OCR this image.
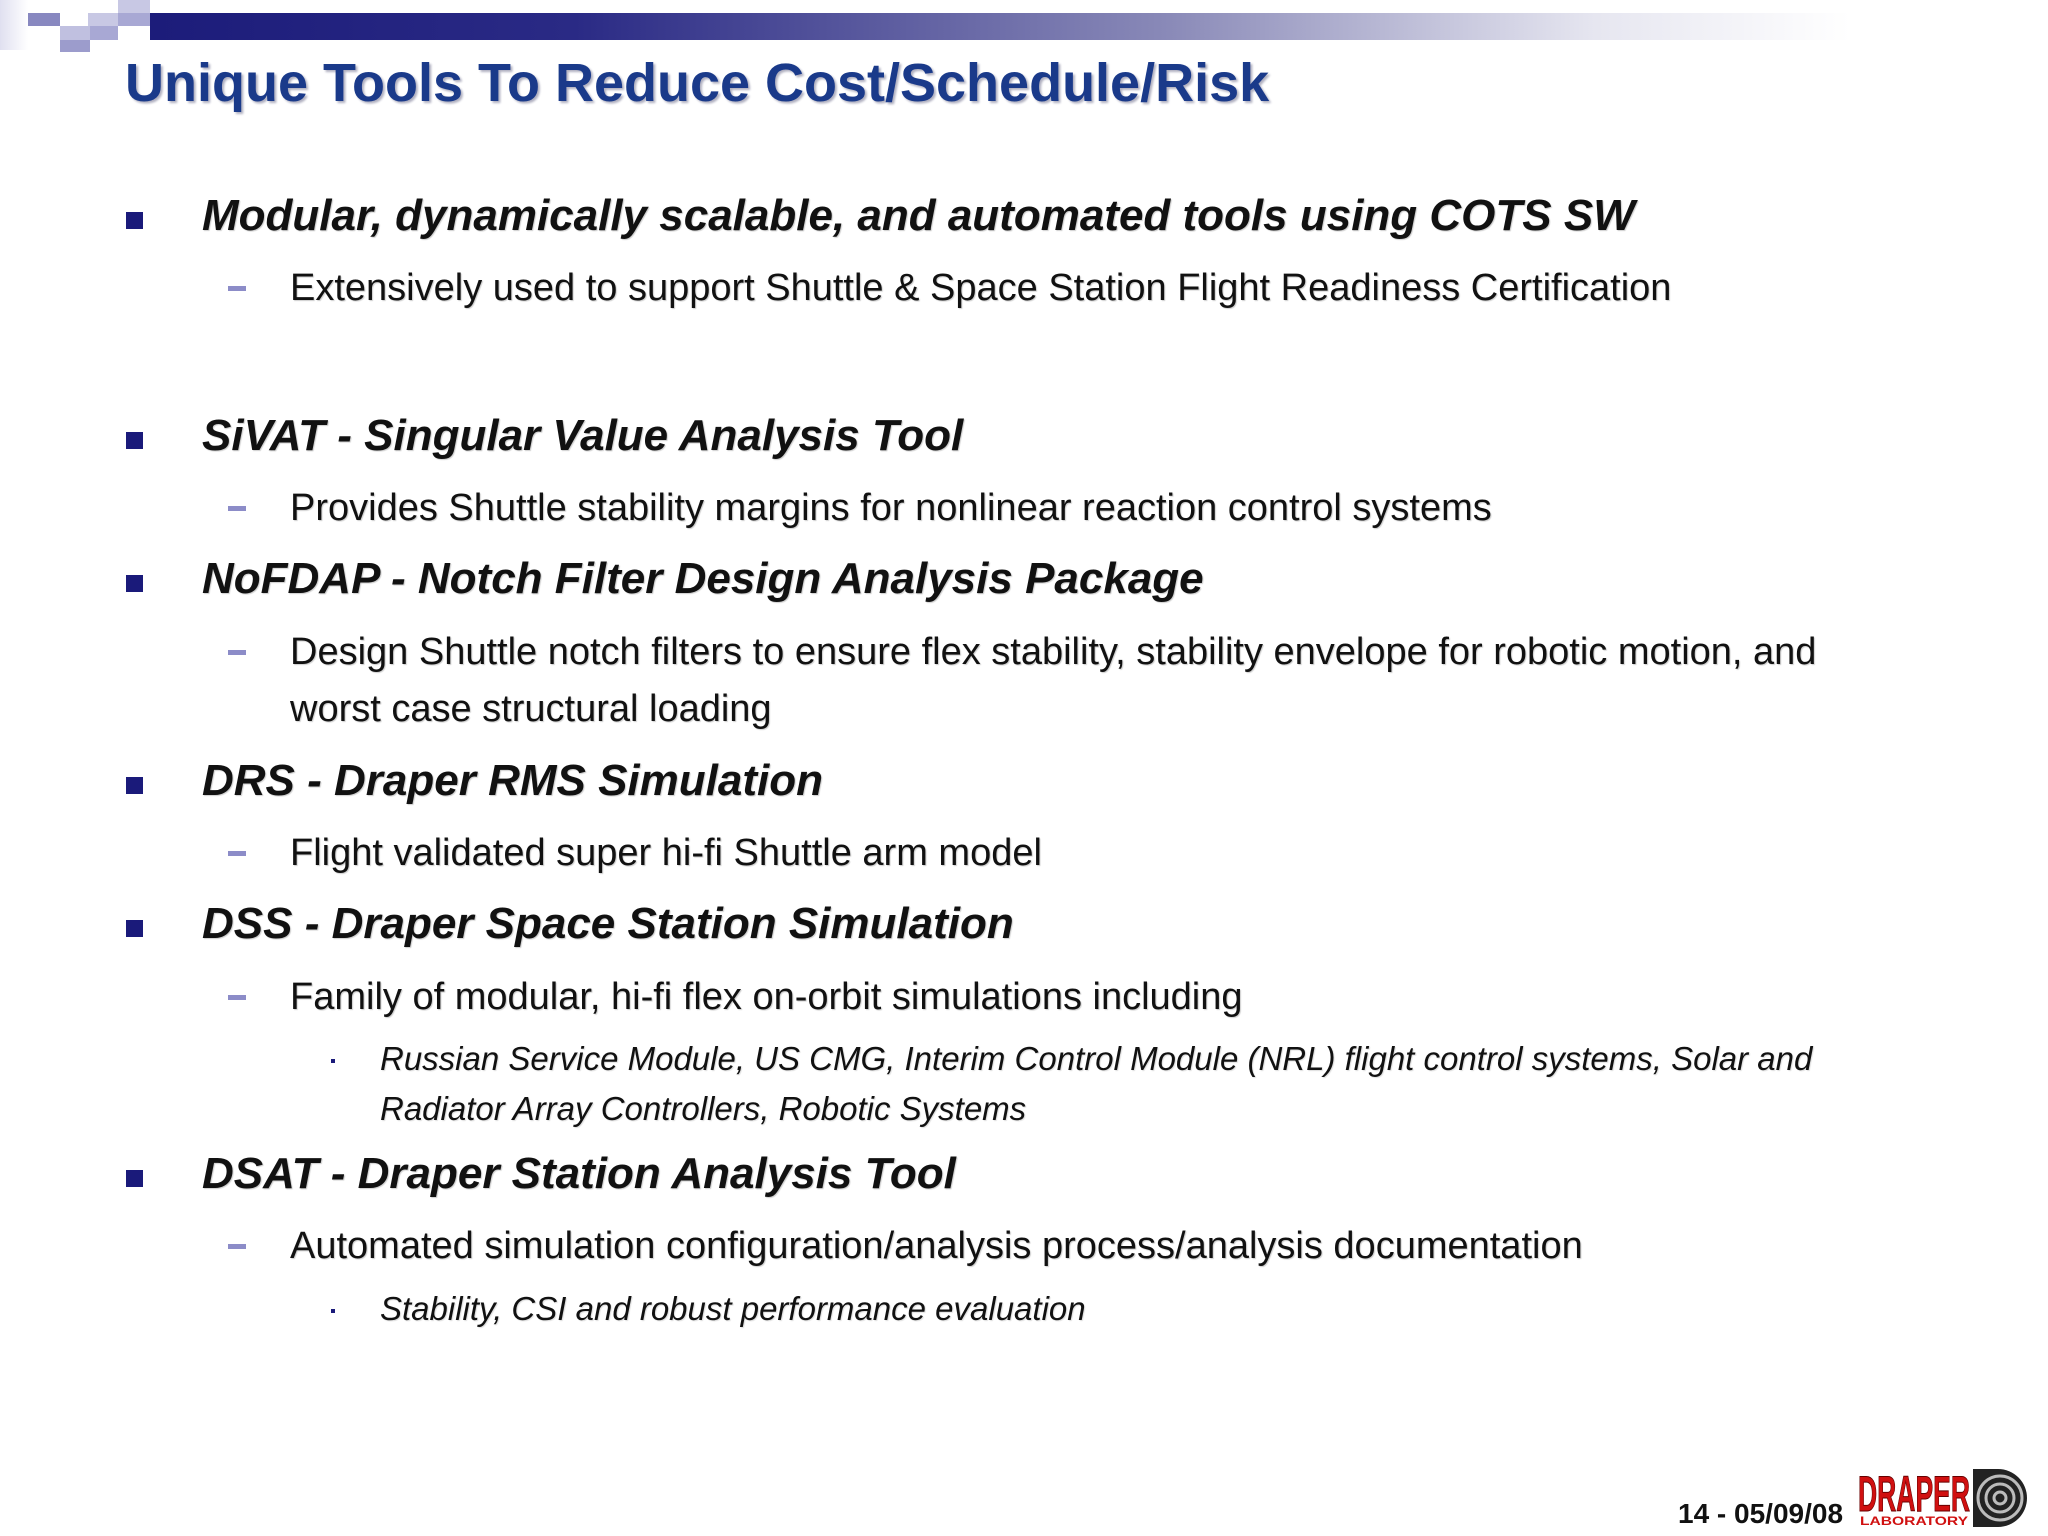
Unique Tools To Reduce Cost/Schedule/Risk
Modular, dynamically scalable, and automated tools using COTS SW
Extensively used to support Shuttle & Space Station Flight Readiness Certification
SiVAT - Singular Value Analysis Tool
Provides Shuttle stability margins for nonlinear reaction control systems
NoFDAP - Notch Filter Design Analysis Package
Design Shuttle notch filters to ensure flex stability, stability envelope for robotic motion, and
worst case structural loading
DRS - Draper RMS Simulation
Flight validated super hi-fi Shuttle arm model
DSS - Draper Space Station Simulation
Family of modular, hi-fi flex on-orbit simulations including
Russian Service Module, US CMG, Interim Control Module (NRL) flight control systems, Solar and
Radiator Array Controllers, Robotic Systems
DSAT - Draper Station Analysis Tool
Automated simulation configuration/analysis process/analysis documentation
Stability, CSI and robust performance evaluation
14 - 05/09/08 DRAPER
LABORATORY
